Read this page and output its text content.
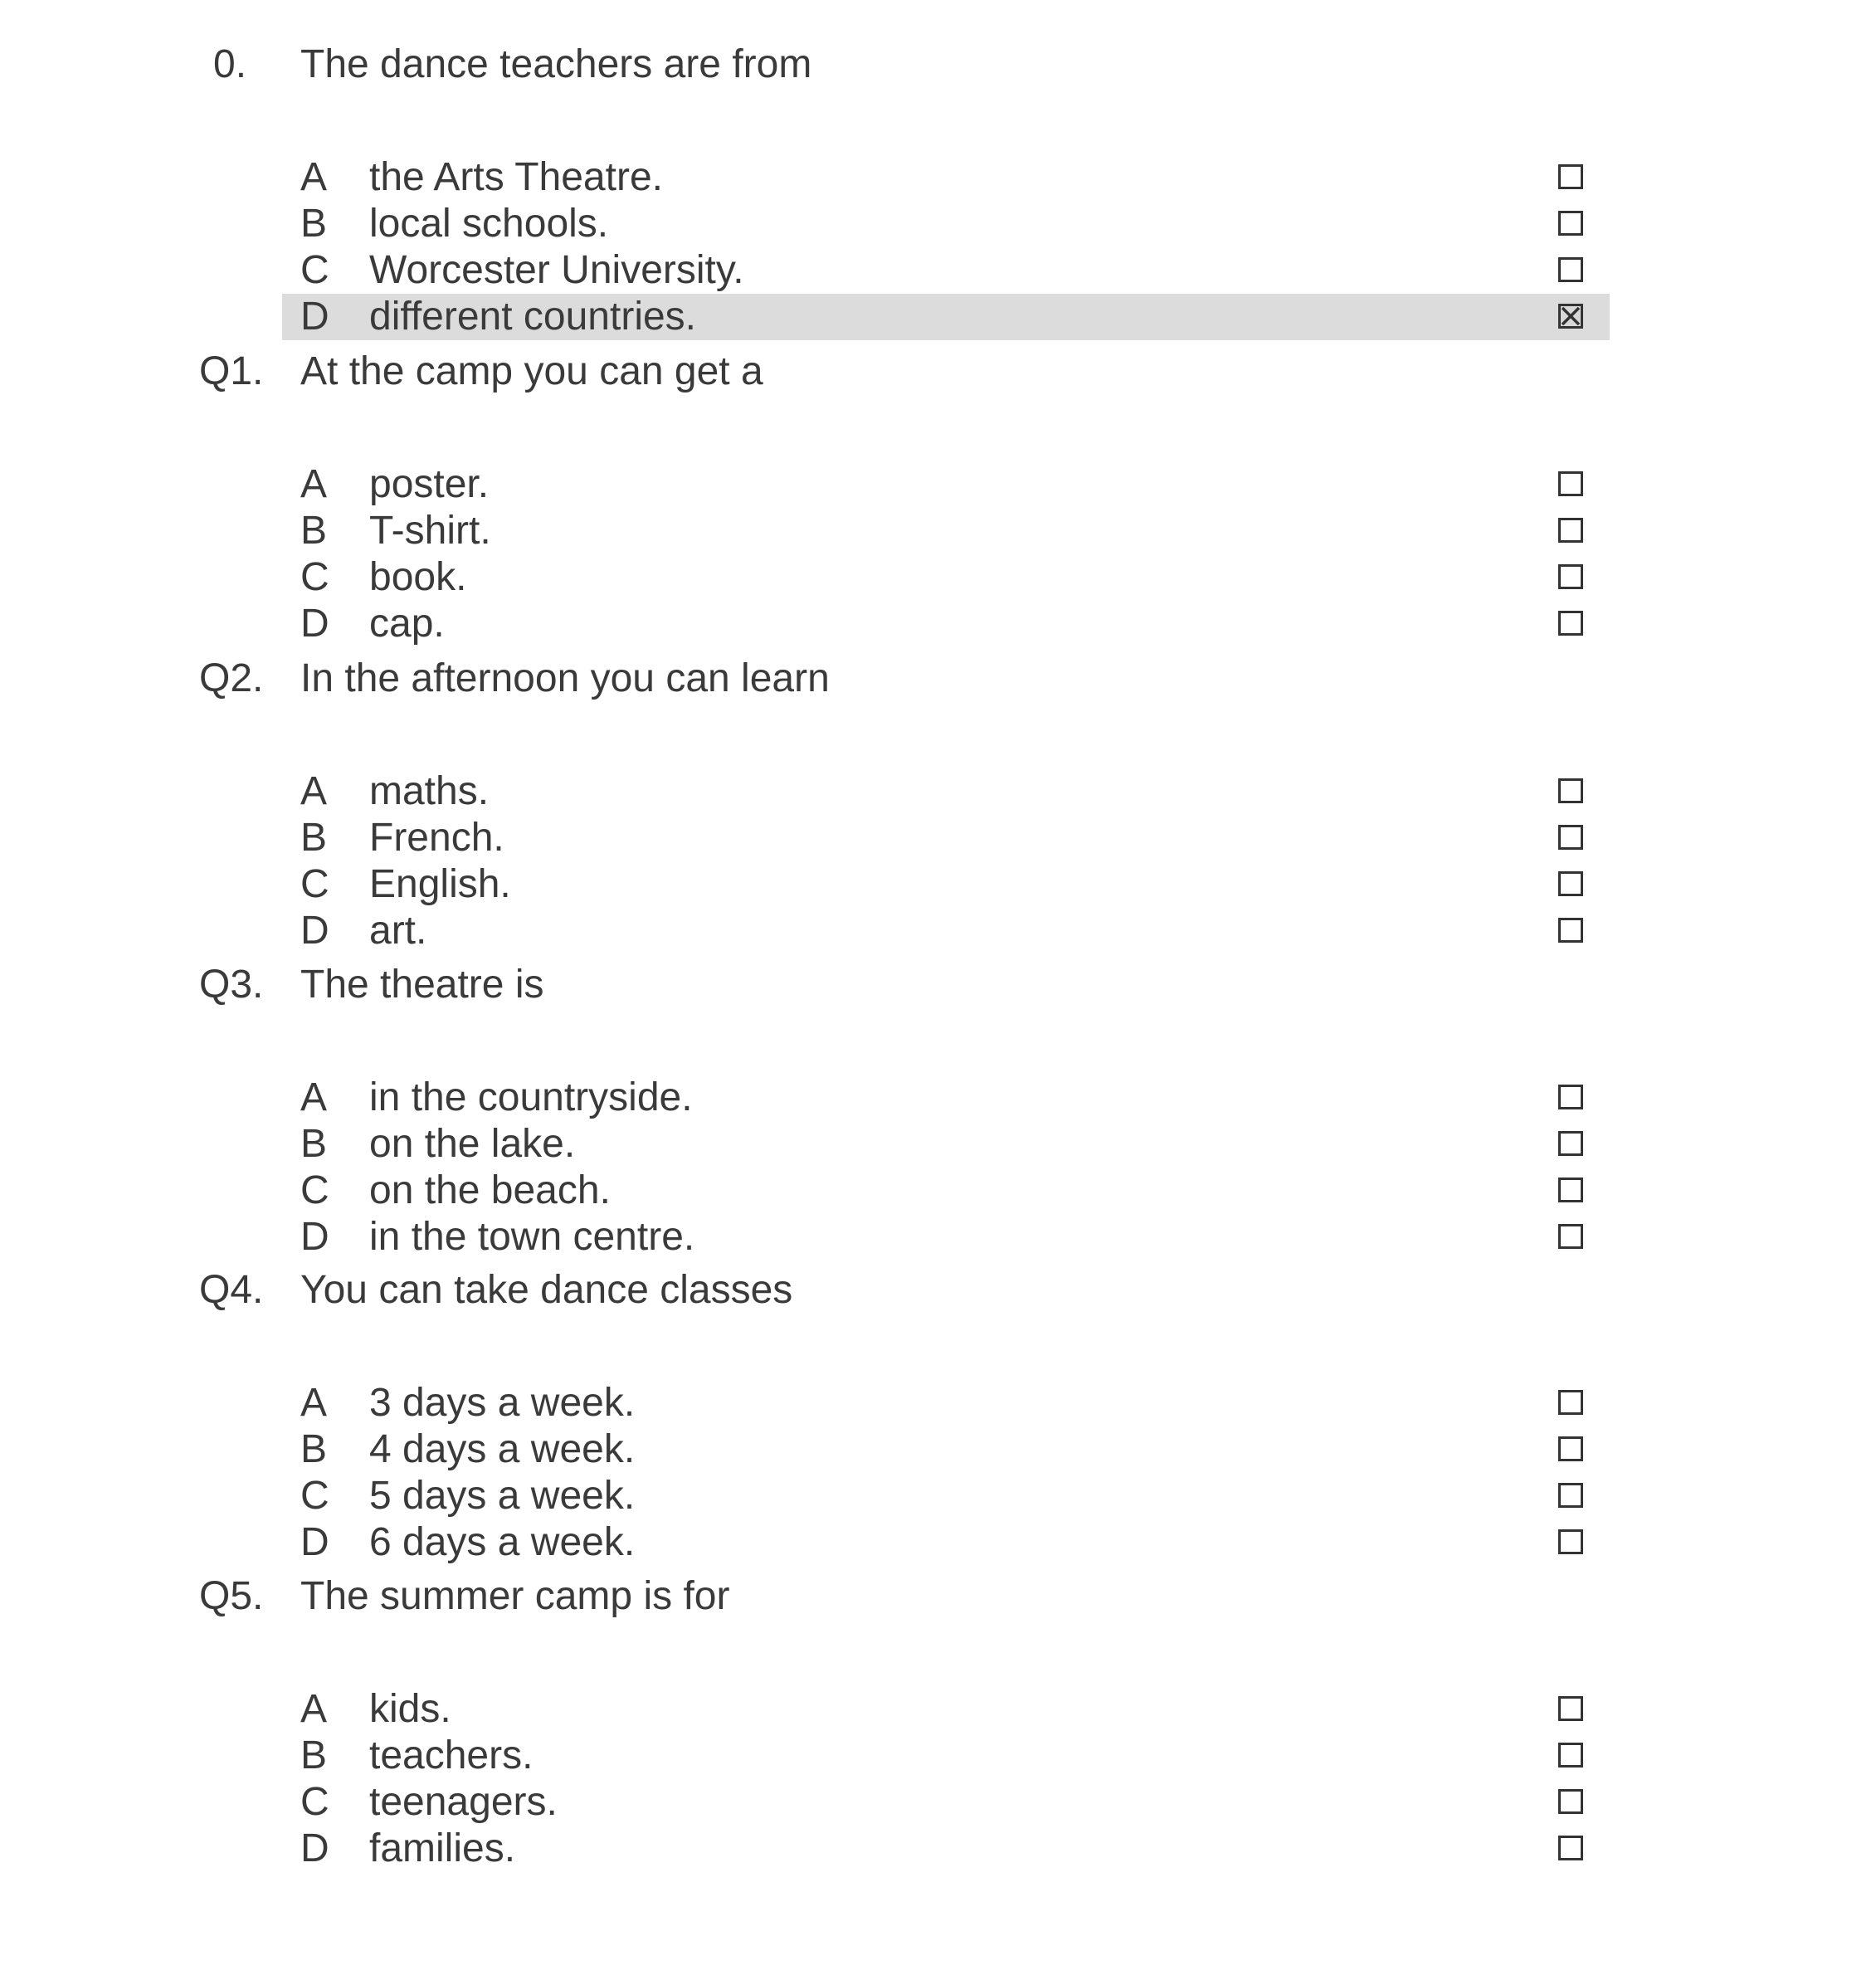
0. The dance teachers are from
A the Arts Theatre.
B local schools.
C Worcester University.
D different countries.
Q1. At the camp you can get a
A poster.
B T-shirt.
C book.
D cap.
Q2. In the afternoon you can learn
A maths.
B French.
C English.
D art.
Q3. The theatre is
A in the countryside.
B on the lake.
C on the beach.
D in the town centre.
Q4. You can take dance classes
A 3 days a week.
B 4 days a week.
C 5 days a week.
D 6 days a week.
Q5. The summer camp is for
A kids.
B teachers.
C teenagers.
D families.
